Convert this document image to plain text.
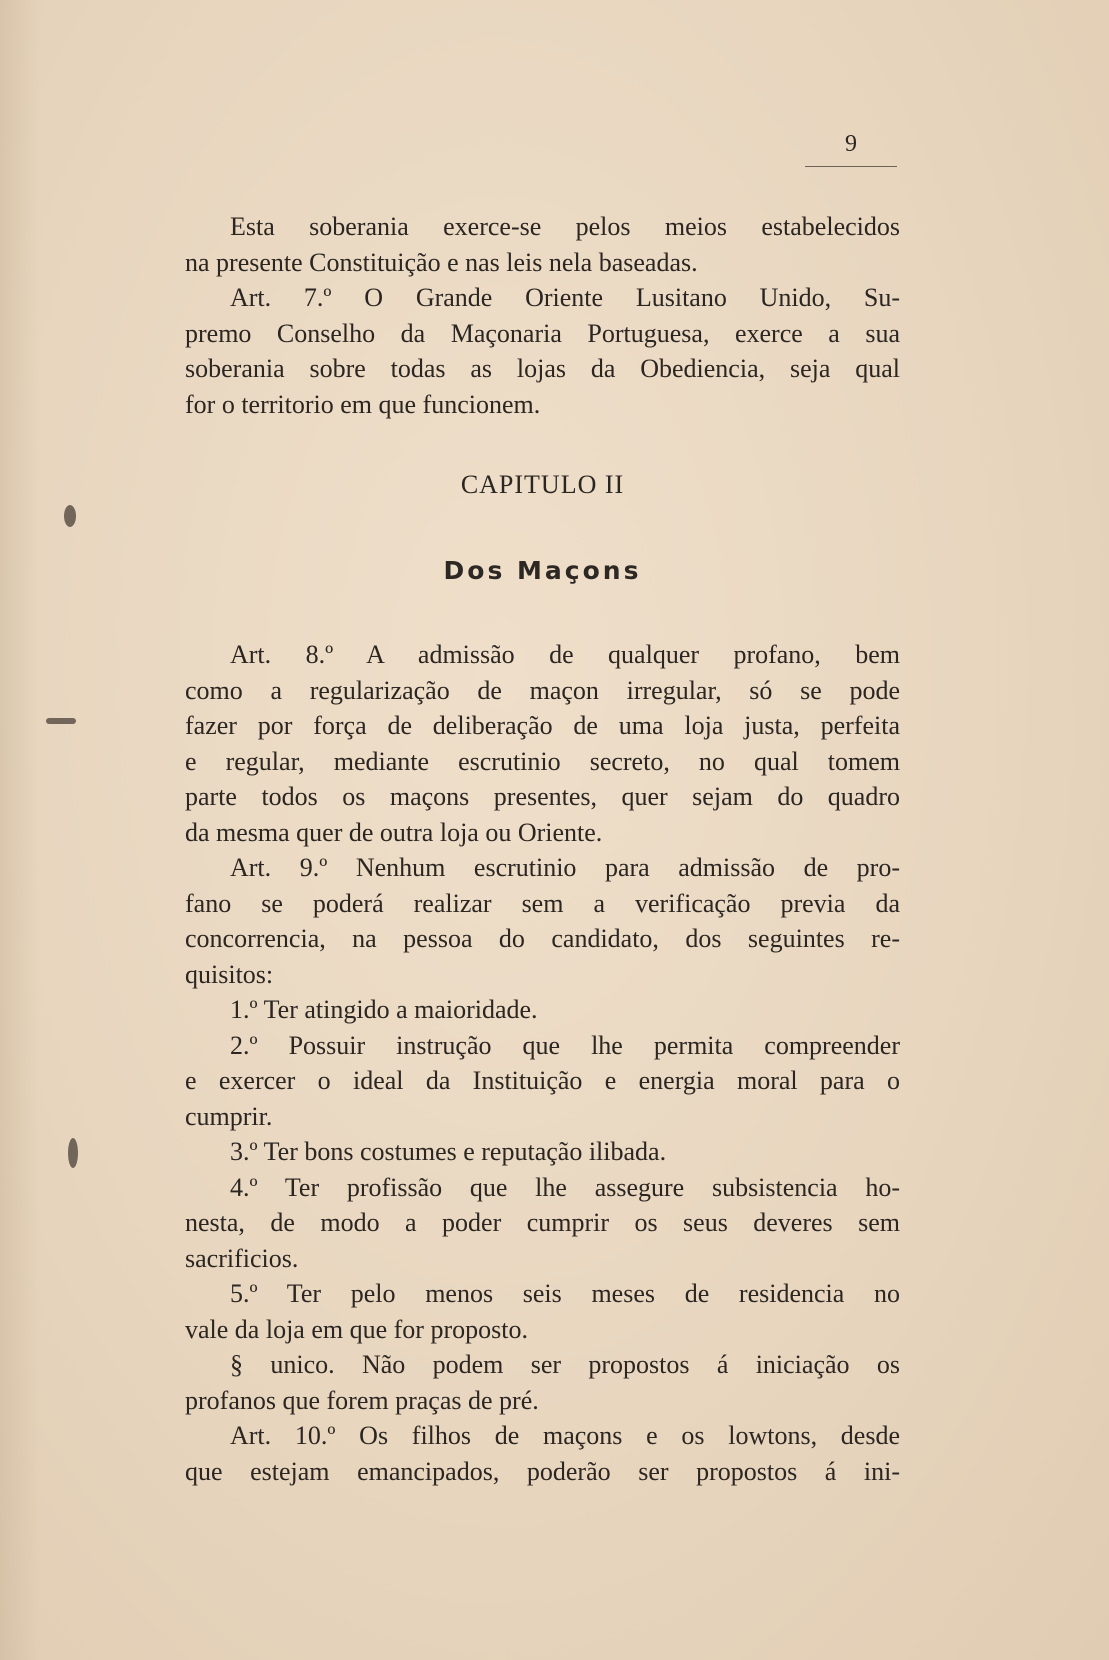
9
Esta soberania exerce-se pelos meios estabelecidos
na presente Constituição e nas leis nela baseadas.
Art. 7.º O Grande Oriente Lusitano Unido, Su-
premo Conselho da Maçonaria Portuguesa, exerce a sua
soberania sobre todas as lojas da Obediencia, seja qual
for o territorio em que funcionem.
CAPITULO II
Dos Maçons
Art. 8.º A admissão de qualquer profano, bem
como a regularização de maçon irregular, só se pode
fazer por força de deliberação de uma loja justa, perfeita
e regular, mediante escrutinio secreto, no qual tomem
parte todos os maçons presentes, quer sejam do quadro
da mesma quer de outra loja ou Oriente.
Art. 9.º Nenhum escrutinio para admissão de pro-
fano se poderá realizar sem a verificação previa da
concorrencia, na pessoa do candidato, dos seguintes re-
quisitos:
1.º Ter atingido a maioridade.
2.º Possuir instrução que lhe permita compreender
e exercer o ideal da Instituição e energia moral para o
cumprir.
3.º Ter bons costumes e reputação ilibada.
4.º Ter profissão que lhe assegure subsistencia ho-
nesta, de modo a poder cumprir os seus deveres sem
sacrificios.
5.º Ter pelo menos seis meses de residencia no
vale da loja em que for proposto.
§ unico. Não podem ser propostos á iniciação os
profanos que forem praças de pré.
Art. 10.º Os filhos de maçons e os lowtons, desde
que estejam emancipados, poderão ser propostos á ini-
